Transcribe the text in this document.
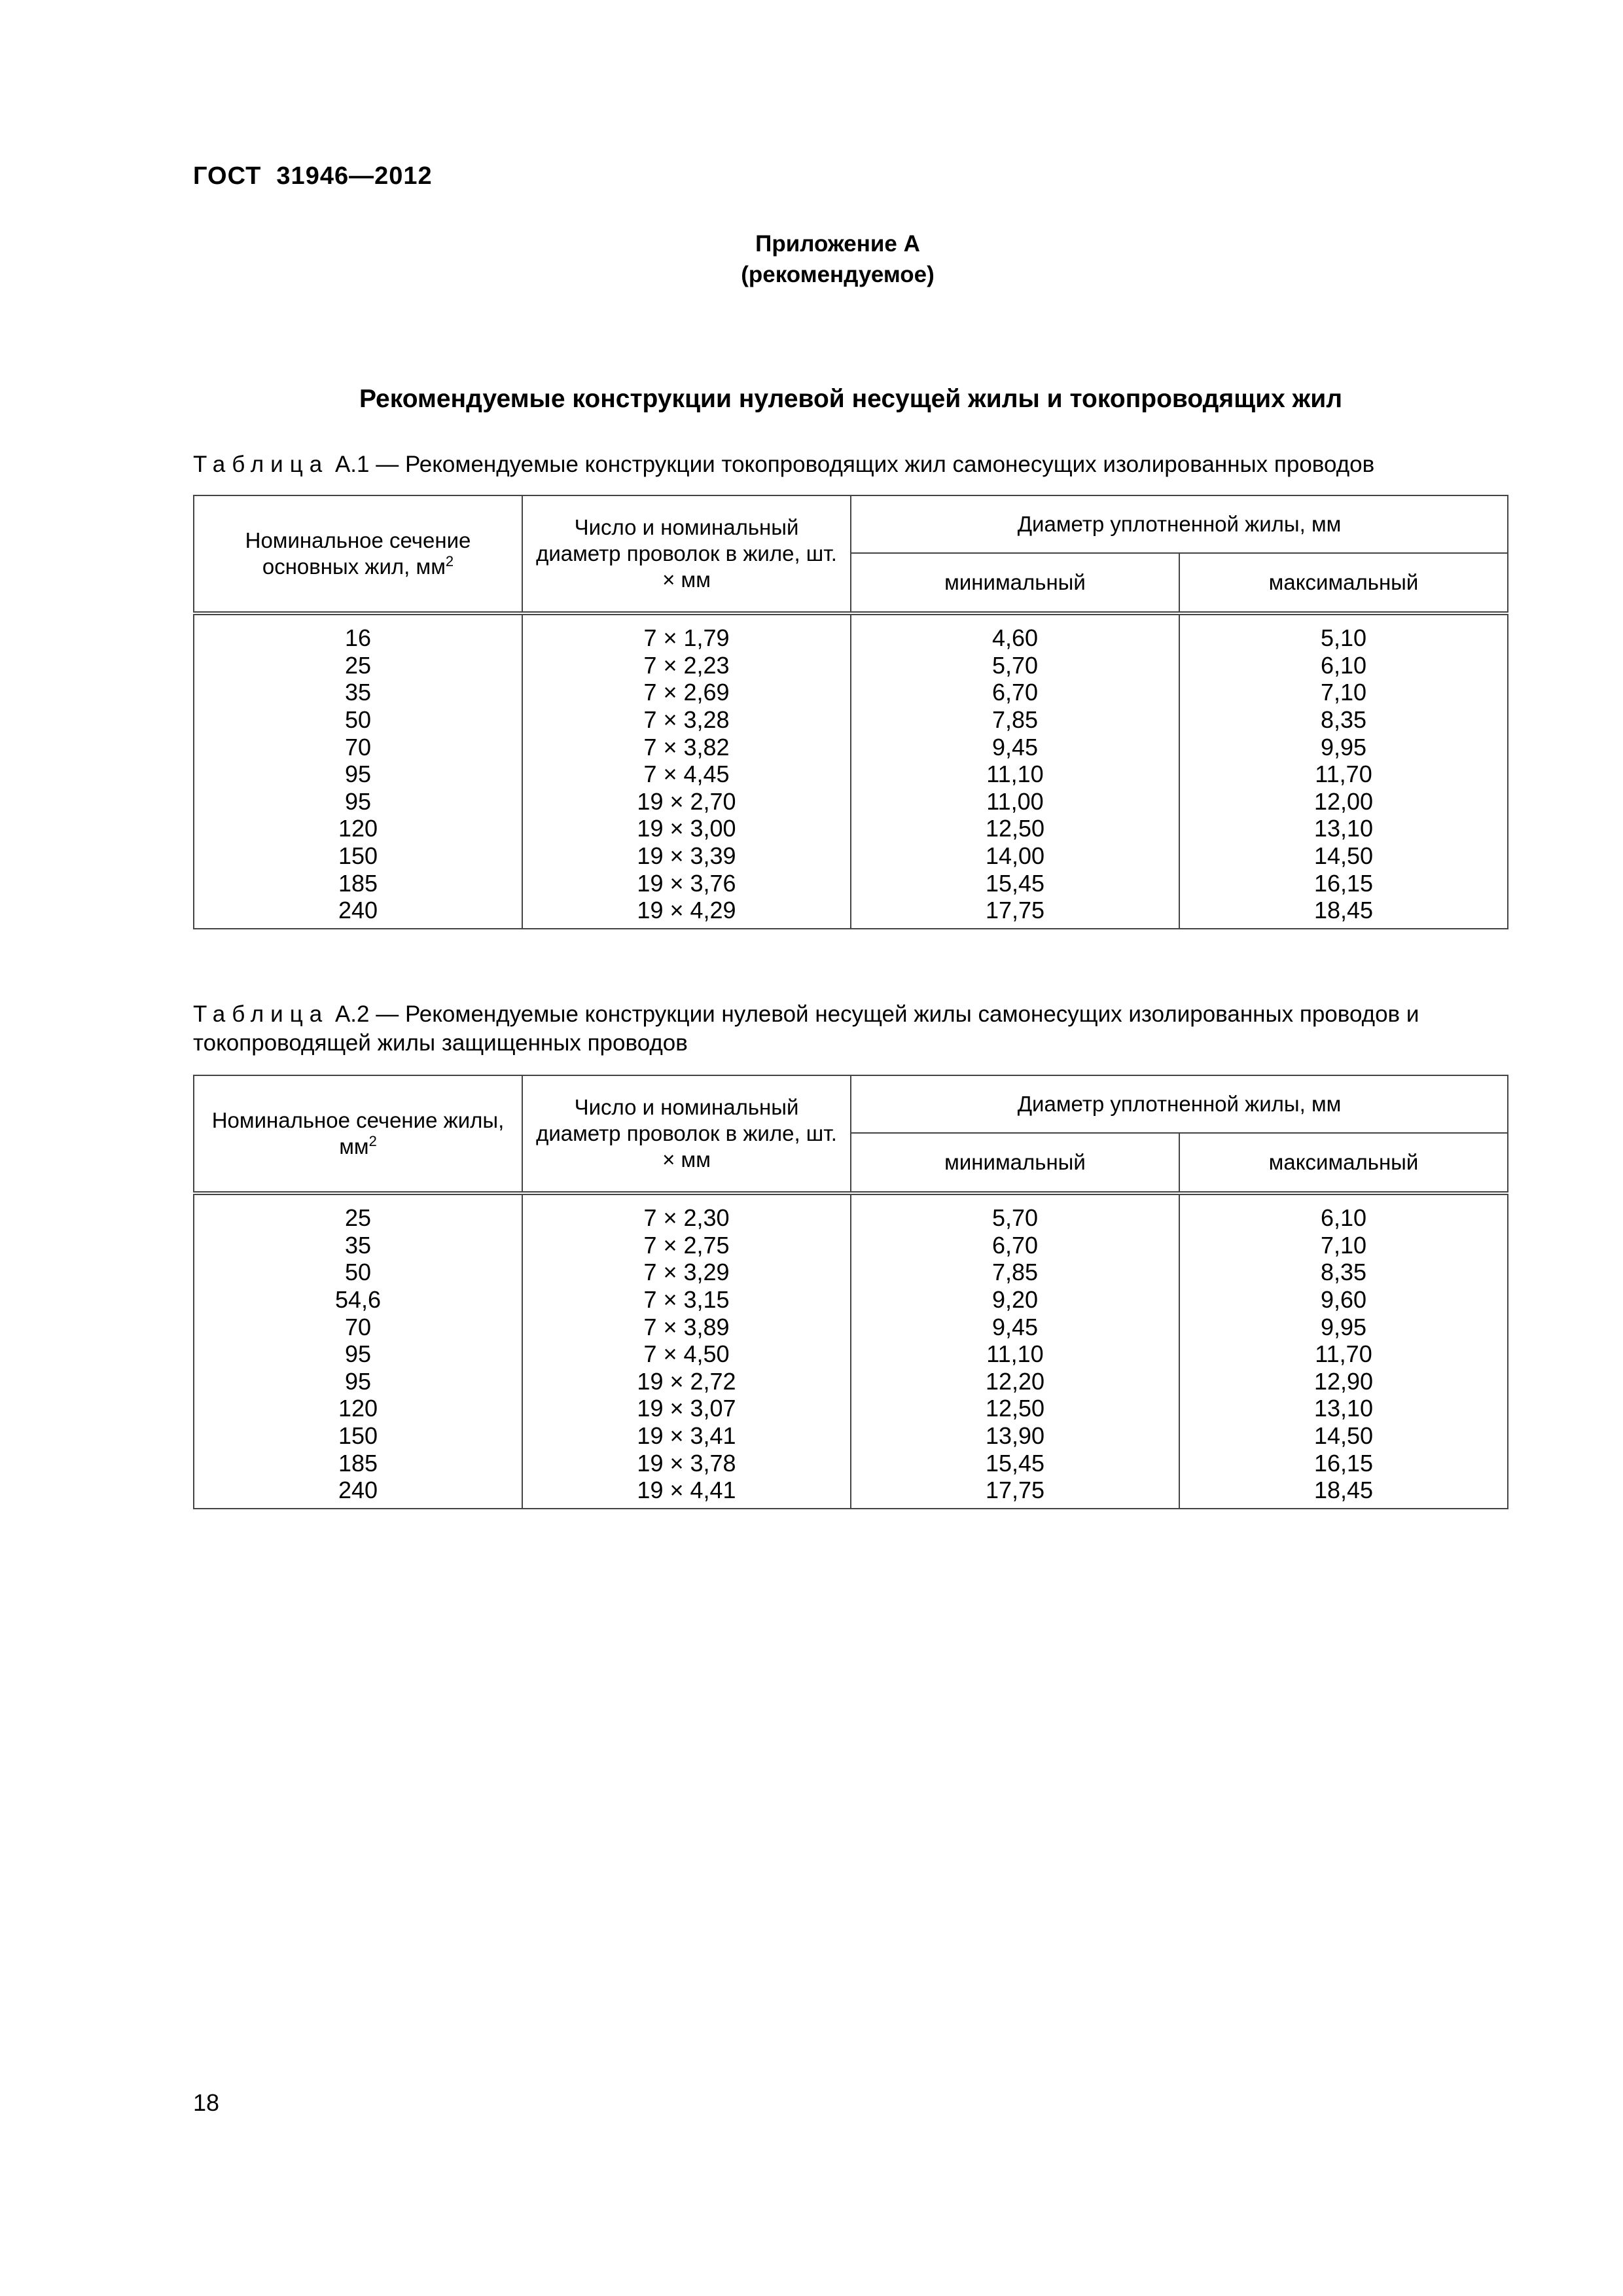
ГОСТ  31946—2012
Приложение А
(рекомендуемое)
Рекомендуемые конструкции нулевой несущей жилы и токопроводящих жил
Таблица А.1 — Рекомендуемые конструкции токопроводящих жил самонесущих изолированных проводов
Номинальное сечение основных жил, $мм^2$	Число и номинальный диаметр проволок в жиле, шт. × мм	Диаметр уплотненной жилы, мм	
		минимальный	максимальный
16	7 × 1,79	4,60	5,10
25	7 × 2,23	5,70	6,10
35	7 × 2,69	6,70	7,10
50	7 × 3,28	7,85	8,35
70	7 × 3,82	9,45	9,95
95	7 × 4,45	11,10	11,70
95	19 × 2,70	11,00	12,00
120	19 × 3,00	12,50	13,10
150	19 × 3,39	14,00	14,50
185	19 × 3,76	15,45	16,15
240	19 × 4,29	17,75	18,45
Таблица А.2 — Рекомендуемые конструкции нулевой несущей жилы самонесущих изолированных проводов и токопроводящей жилы защищенных проводов
Номинальное сечение жилы, $мм^2$	Число и номинальный диаметр проволок в жиле, шт. × мм	Диаметр уплотненной жилы, мм	
		минимальный	максимальный
25	7 × 2,30	5,70	6,10
35	7 × 2,75	6,70	7,10
50	7 × 3,29	7,85	8,35
54,6	7 × 3,15	9,20	9,60
70	7 × 3,89	9,45	9,95
95	7 × 4,50	11,10	11,70
95	19 × 2,72	12,20	12,90
120	19 × 3,07	12,50	13,10
150	19 × 3,41	13,90	14,50
185	19 × 3,78	15,45	16,15
240	19 × 4,41	17,75	18,45
18
